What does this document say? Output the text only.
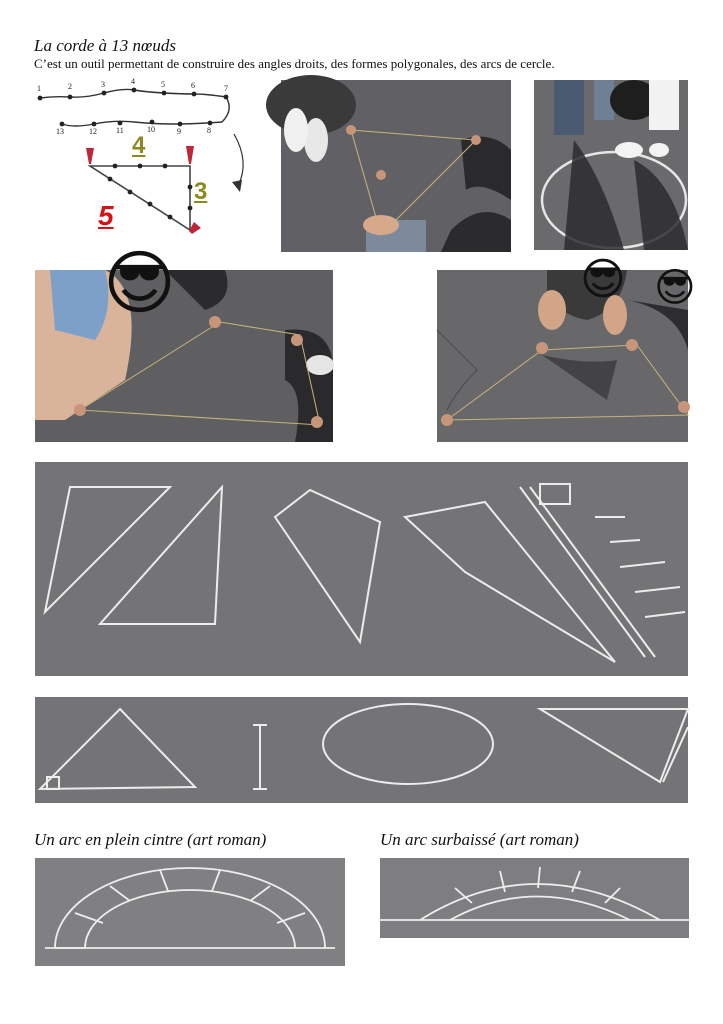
La corde à 13 nœuds
C’est un outil permettant de construire des angles droits, des formes polygonales, des arcs de cercle.
4
3
5
1	2	3	4	5	6	7
13	12 11	10	9	8
😎	😎 😎
Un arc en plein cintre (art roman)	Un arc surbaissé (art roman)
